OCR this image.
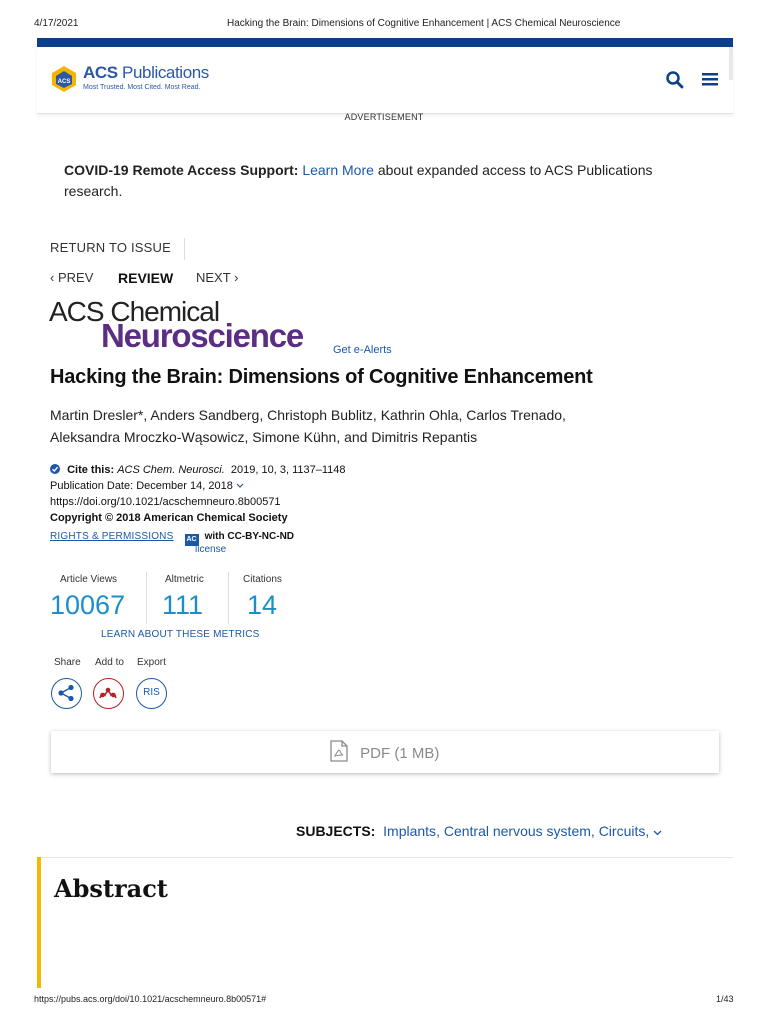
4/17/2021	Hacking the Brain: Dimensions of Cognitive Enhancement | ACS Chemical Neuroscience
ACS ACS Publications
Most Trusted. Most Cited. Most Read.
ADVERTISEMENT
COVID-19 Remote Access Support: Learn More about expanded access to ACS Publications research.
RETURN TO ISSUE
‹ PREV REVIEW NEXT ›
ACS Chemical
Neuroscience	Get e-Alerts
Hacking the Brain: Dimensions of Cognitive Enhancement
Martin Dresler*, Anders Sandberg, Christoph Bublitz, Kathrin Ohla, Carlos Trenado,
Aleksandra Mroczko-Wąsowicz, Simone Kühn, and Dimitris Repantis
Cite this: ACS Chem. Neurosci. 2019, 10, 3, 1137–1148
Publication Date: December 14, 2018
https://doi.org/10.1021/acschemneuro.8b00571
Copyright © 2018 American Chemical Society
RIGHTS & PERMISSIONS AC with CC-BY-NC-ND
license
Article Views
10067
Altmetric
111
Citations
14
LEARN ABOUT THESE METRICS
Share Add to Export
RIS
PDF (1 MB)
SUBJECTS: Implants, Central nervous system, Circuits,
Abstract
https://pubs.acs.org/doi/10.1021/acschemneuro.8b00571#	1/43
